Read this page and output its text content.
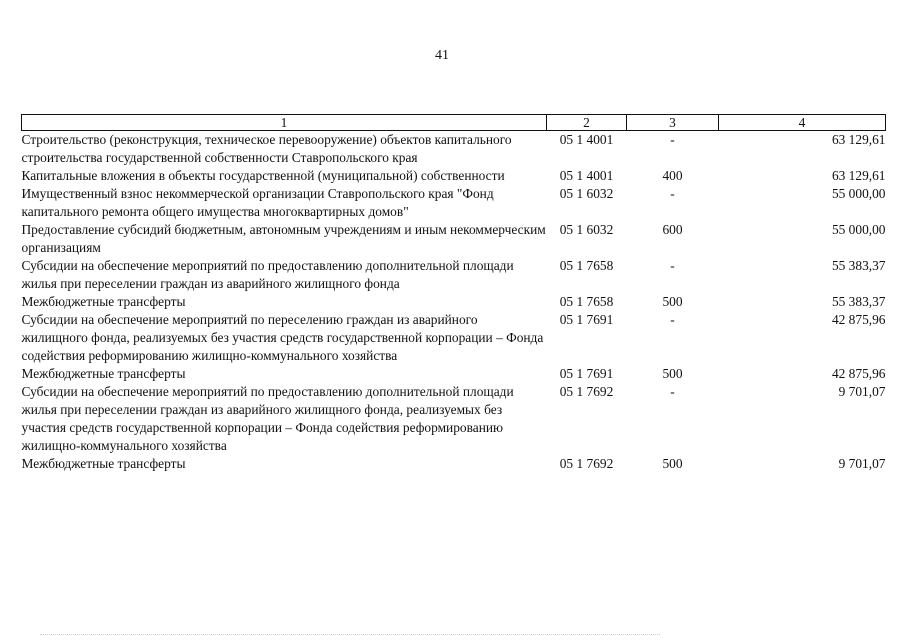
41
1	2	3	4
Строительство (реконструкция, техническое перевооружение) объектов капитального строительства государственной собственности Ставропольского края	05 1 4001	-	63 129,61
Капитальные вложения в объекты государственной (муниципальной) собственности	05 1 4001	400	63 129,61
Имущественный взнос некоммерческой организации Ставропольского края "Фонд капитального ремонта общего имущества многоквартирных домов"	05 1 6032	-	55 000,00
Предоставление субсидий бюджетным, автономным учреждениям и иным некоммерческим организациям	05 1 6032	600	55 000,00
Субсидии на обеспечение мероприятий по предоставлению дополнительной площади жилья при переселении граждан из аварийного жилищного фонда	05 1 7658	-	55 383,37
Межбюджетные трансферты	05 1 7658	500	55 383,37
Субсидии на обеспечение мероприятий по переселению граждан из аварийного жилищного фонда, реализуемых без участия средств государственной корпорации – Фонда содействия реформированию жилищно-коммунального хозяйства	05 1 7691	-	42 875,96
Межбюджетные трансферты	05 1 7691	500	42 875,96
Субсидии на обеспечение мероприятий по предоставлению дополнительной площади жилья при переселении граждан из аварийного жилищного фонда, реализуемых без участия средств государственной корпорации – Фонда содействия реформированию жилищно-коммунального хозяйства	05 1 7692	-	9 701,07
Межбюджетные трансферты	05 1 7692	500	9 701,07
